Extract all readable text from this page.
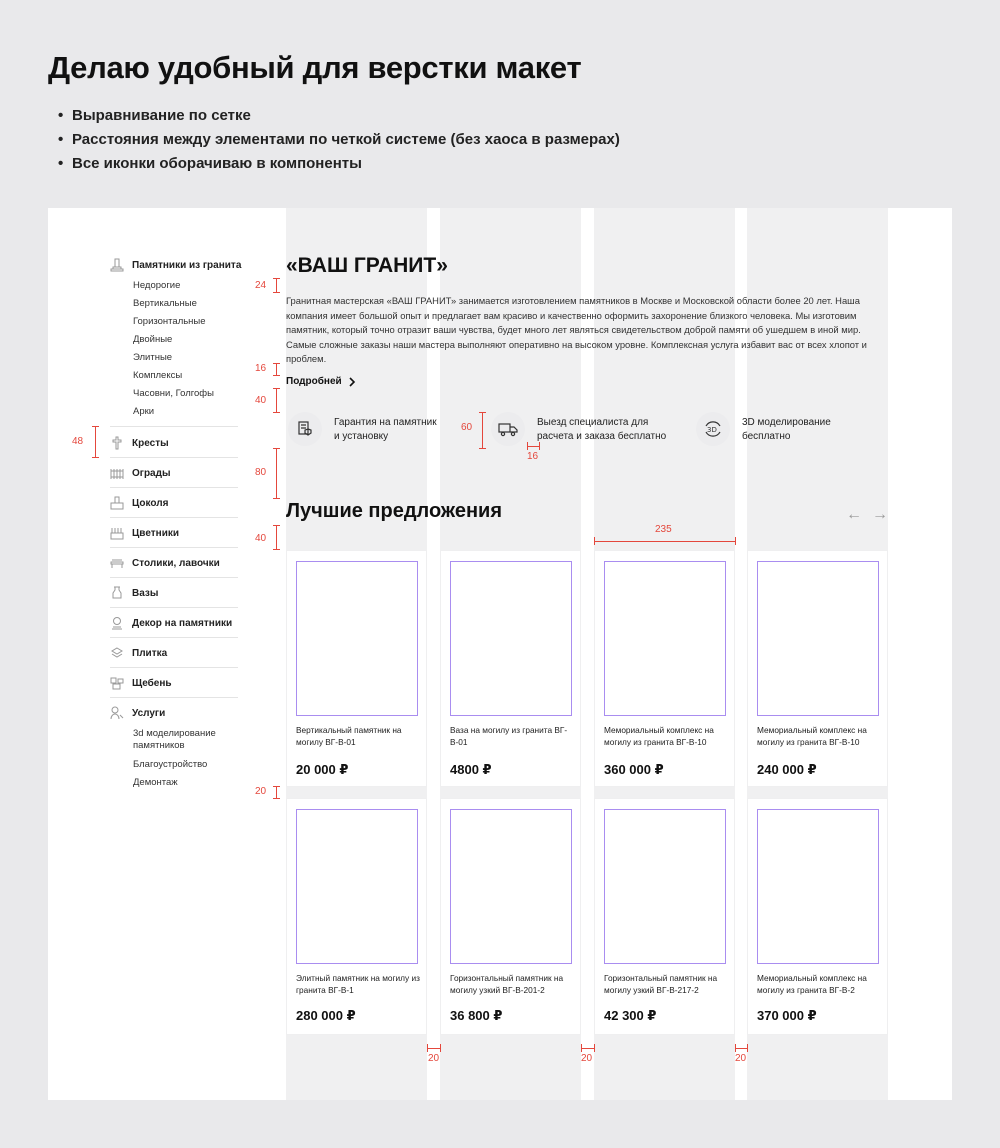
Делаю удобный для верстки макет
• Выравнивание по сетке
• Расстояния между элементами по четкой системе (без хаоса в размерах)
• Все иконки оборачиваю в компоненты
Памятники из гранита
Недорогие
Вертикальные
Горизонтальные
Двойные
Элитные
Комплексы
Часовни, Голгофы
Арки
Кресты
Ограды
Цоколя
Цветники
Столики, лавочки
Вазы
Декор на памятники
Плитка
Щебень
Услуги
3d моделирование памятников
Благоустройство
Демонтаж
«ВАШ ГРАНИТ»

Гранитная мастерская «ВАШ ГРАНИТ» занимается изготовлением памятников в Москве и Московской области более 20 лет. Наша компания имеет большой опыт и предлагает вам красиво и качественно оформить захоронение близкого человека. Мы изготовим памятник, который точно отразит ваши чувства, будет много лет являться свидетельством доброй памяти об ушедшем в иной мир. Самые сложные заказы наши мастера выполняют оперативно на высоком уровне. Комплексная услуга избавит вас от всех хлопот и проблем.

Подробней
Гарантия на памятник и установку
Выезд специалиста для расчета и заказа бесплатно
3D
3D моделирование бесплатно
Лучшие предложения	← →
Вертикальный памятник на могилу ВГ-В-01
20 000 ₽
Ваза на могилу из гранита ВГ-В-01
4800 ₽
Мемориальный комплекс на могилу из гранита ВГ-В-10
360 000 ₽
Мемориальный комплекс на могилу из гранита ВГ-В-10
240 000 ₽
Элитный памятник на могилу из гранита ВГ-В-1
280 000 ₽
Горизонтальный памятник на могилу узкий ВГ-В-201-2
36 800 ₽
Горизонтальный памятник на могилу узкий ВГ-В-217-2
42 300 ₽
Мемориальный комплекс на могилу из гранита ВГ-В-2
370 000 ₽
24
16
40
48
60
16
80
40
235
20
20	20	20
